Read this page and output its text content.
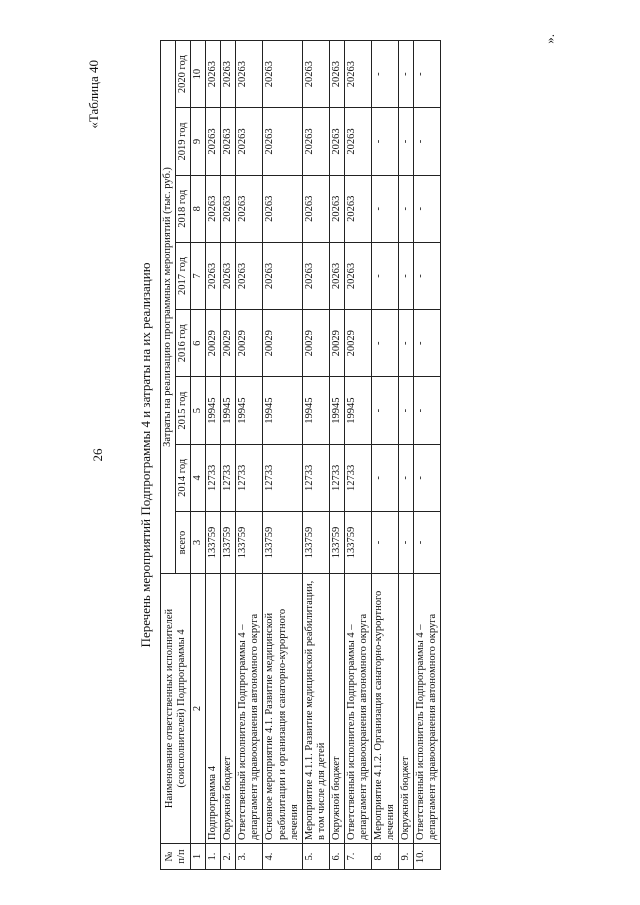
26
«Таблица 40
Перечень мероприятий Подпрограммы 4 и затраты на их реализацию
№ п/п	Наименование ответственных исполнителей (соисполнителей) Подпрограммы 4	Затраты на реализацию программных мероприятий (тыс. руб.)							
		всего	2014 год	2015 год	2016 год	2017 год	2018 год	2019 год	2020 год

1	2	3	4	5	6	7	8	9	10
1.	Подпрограмма 4	133759	12733	19945	20029	20263	20263	20263	20263
2.	Окружной бюджет	133759	12733	19945	20029	20263	20263	20263	20263
3.	Ответственный исполнитель Подпрограммы 4 – департамент здравоохранения автономного округа	133759	12733	19945	20029	20263	20263	20263	20263
4.	Основное мероприятие 4.1. Развитие медицинской реабилитации и организация санаторно-курортного лечения	133759	12733	19945	20029	20263	20263	20263	20263
5.	Мероприятие 4.1.1. Развитие медицинской реабилитации, в том числе для детей	133759	12733	19945	20029	20263	20263	20263	20263
6.	Окружной бюджет	133759	12733	19945	20029	20263	20263	20263	20263
7.	Ответственный исполнитель Подпрограммы 4 – департамент здравоохранения автономного округа	133759	12733	19945	20029	20263	20263	20263	20263
8.	Мероприятие 4.1.2. Организация санаторно-курортного лечения	-	-	-	-	-	-	-	-
9.	Окружной бюджет	-	-	-	-	-	-	-	-
10.	Ответственный исполнитель Подпрограммы 4 – департамент здравоохранения автономного округа	-	-	-	-	-	-	-	-
».
